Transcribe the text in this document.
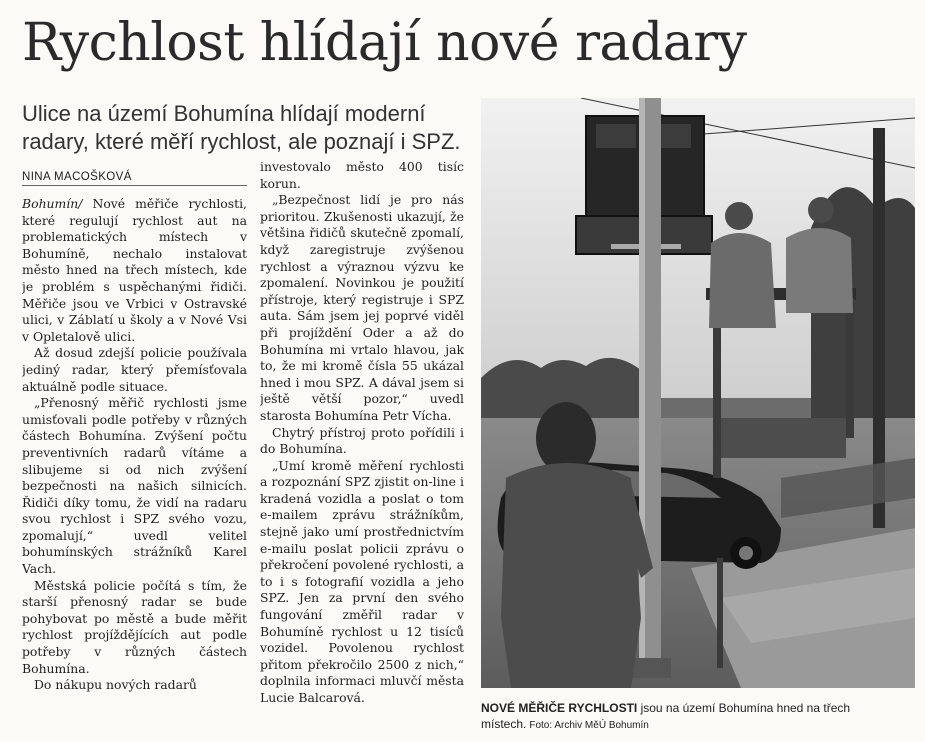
Rychlost hlídají nové radary
Ulice na území Bohumína hlídají moderní radary, které měří rychlost, ale poznají i SPZ.
NINA MACOŠKOVÁ

Bohumín/ Nové měřiče rychlosti, které regulují rychlost aut na problematických místech v Bohumíně, nechalo instalovat město hned na třech místech, kde je problém s uspěchanými řidiči. Měřiče jsou ve Vrbici v Ostravské ulici, v Záblatí u školy a v Nové Vsi v Opletalově ulici.

Až dosud zdejší policie používala jediný radar, který přemísťovala aktuálně podle situace.

„Přenosný měřič rychlosti jsme umisťovali podle potřeby v různých částech Bohumína. Zvýšení počtu preventivních radarů vítáme a slibujeme si od nich zvýšení bezpečnosti na našich silnicích. Řidiči díky tomu, že vidí na radaru svou rychlost i SPZ svého vozu, zpomalují,“ uvedl velitel bohumínských strážníků Karel Vach.

Městská policie počítá s tím, že starší přenosný radar se bude pohybovat po městě a bude měřit rychlost projíždějících aut podle potřeby v různých částech Bohumína.

Do nákupu nových radarů

investovalo město 400 tisíc korun.

„Bezpečnost lidí je pro nás prioritou. Zkušenosti ukazují, že většina řidičů skutečně zpomalí, když zaregistruje zvýšenou rychlost a výraznou výzvu ke zpomalení. Novinkou je použití přístroje, který registruje i SPZ auta. Sám jsem jej poprvé viděl při projíždění Oder a až do Bohumína mi vrtalo hlavou, jak to, že mi kromě čísla 55 ukázal hned i mou SPZ. A dával jsem si ještě větší pozor,“ uvedl starosta Bohumína Petr Vícha.

Chytrý přístroj proto pořídili i do Bohumína.

„Umí kromě měření rychlosti a rozpoznání SPZ zjistit on-line i kradená vozidla a poslat o tom e-mailem zprávu strážníkům, stejně jako umí prostřednictvím e-mailu poslat policii zprávu o překročení povolené rychlosti, a to i s fotografií vozidla a jeho SPZ. Jen za první den svého fungování změřil radar v Bohumíně rychlost u 12 tisíců vozidel. Povolenou rychlost přitom překročilo 2500 z nich,“ doplnila informaci mluvčí města Lucie Balcarová.

NOVÉ MĚŘIČE RYCHLOSTI jsou na území Bohumína hned na třech místech. Foto: Archiv MěÚ Bohumín
